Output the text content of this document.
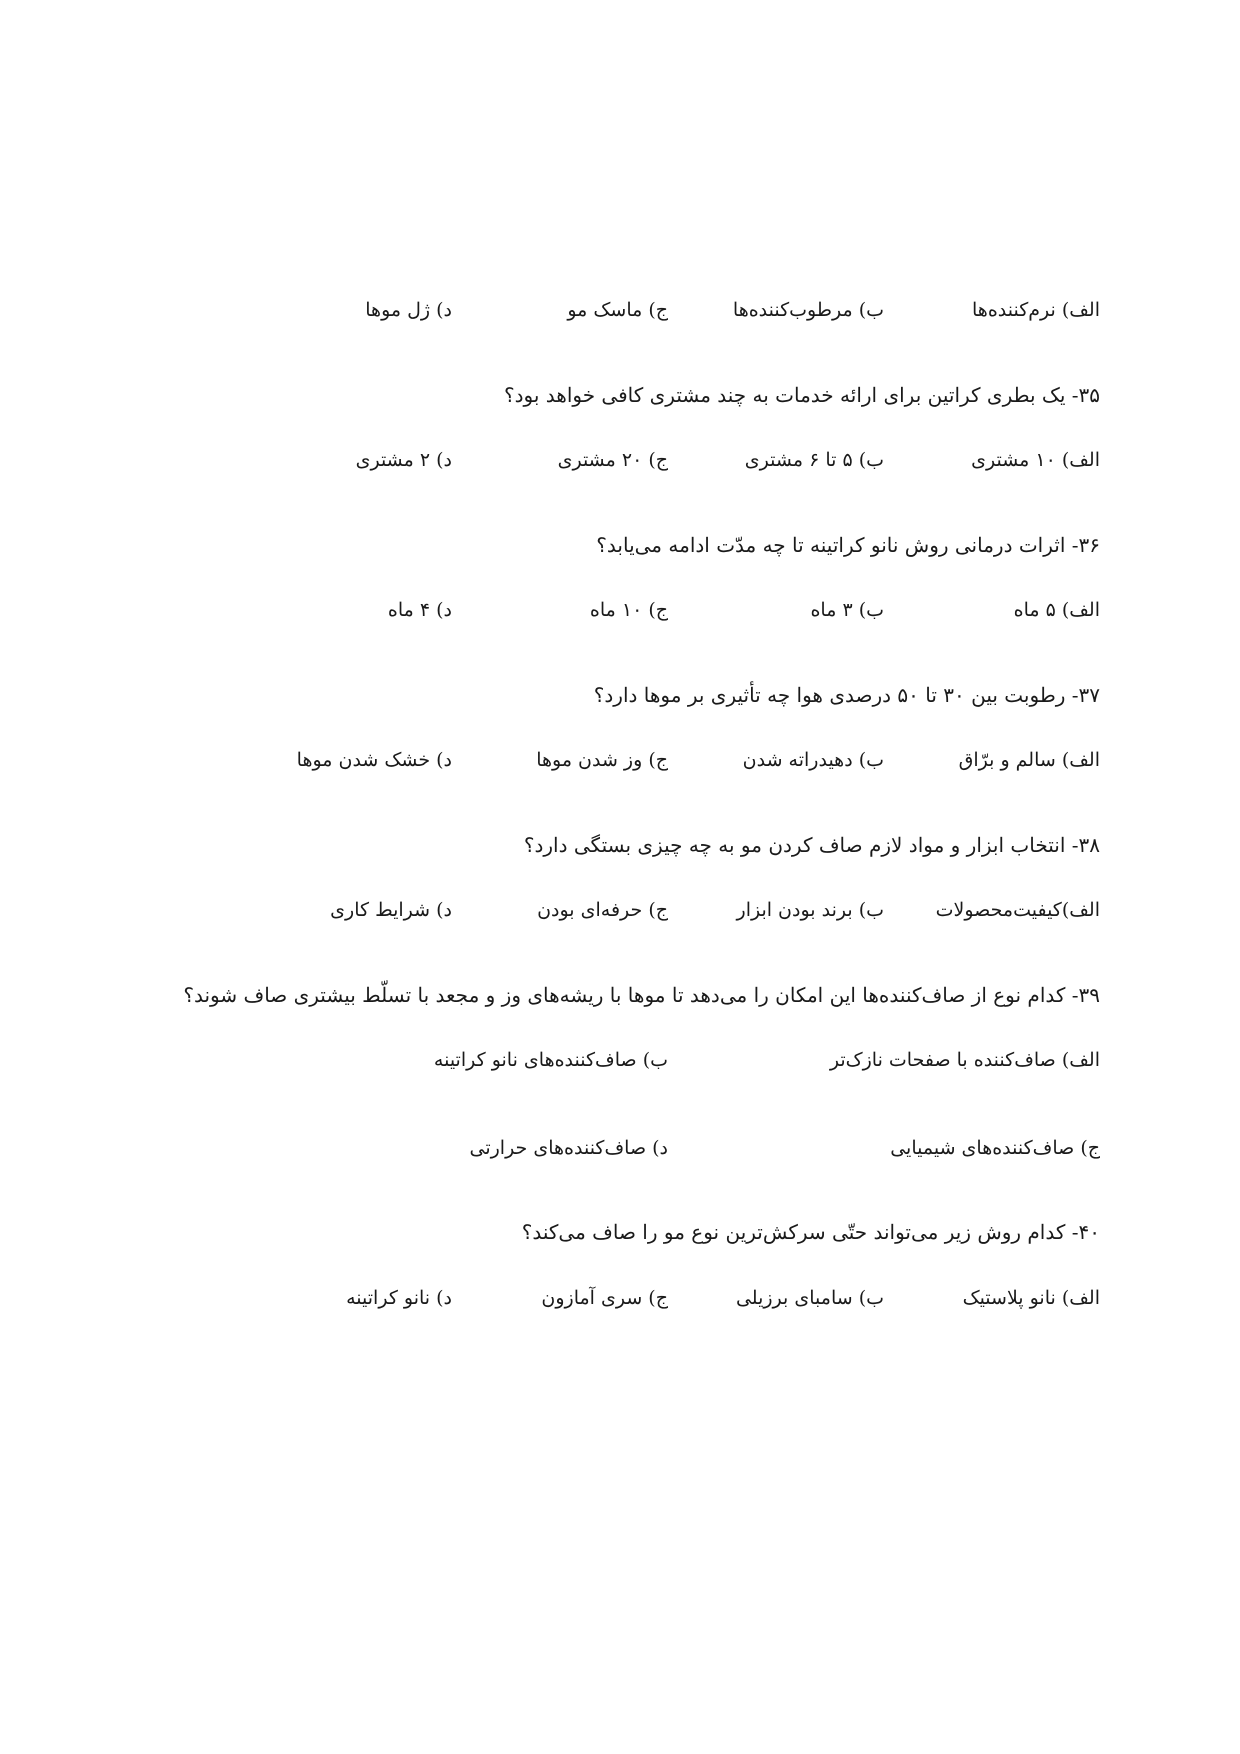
الف) نرم‌کننده‌ها
ب) مرطوب‌کننده‌ها
ج) ماسک مو
د) ژل موها
۳۵- یک بطری کراتین برای ارائه خدمات به چند مشتری کافی خواهد بود؟
الف) ۱۰ مشتری
ب) ۵ تا ۶ مشتری
ج) ۲۰ مشتری
د) ۲ مشتری
۳۶- اثرات درمانی روش نانو کراتینه تا چه مدّت ادامه می‌یابد؟
الف) ۵ ماه
ب) ۳ ماه
ج) ۱۰ ماه
د) ۴ ماه
۳۷- رطوبت بین ۳۰ تا ۵۰ درصدی هوا چه تأثیری بر موها دارد؟
الف) سالم و برّاق
ب) دهیدراته شدن
ج) وز شدن موها
د) خشک شدن موها
۳۸- انتخاب ابزار و مواد لازم صاف کردن مو به چه چیزی بستگی دارد؟
الف)کیفیت‌محصولات
ب) برند بودن ابزار
ج) حرفه‌ای بودن
د) شرایط کاری
۳۹- کدام نوع از صاف‌کننده‌ها این امکان را می‌دهد تا موها با ریشه‌های وز و مجعد با تسلّط بیشتری صاف شوند؟
الف) صاف‌کننده با صفحات نازک‌تر
ب) صاف‌کننده‌های نانو کراتینه
ج) صاف‌کننده‌های شیمیایی
د) صاف‌کننده‌های حرارتی
۴۰- کدام روش زیر می‌تواند حتّی سرکش‌ترین نوع مو را صاف می‌کند؟
الف) نانو پلاستیک
ب) سامبای برزیلی
ج) سری آمازون
د) نانو کراتینه
